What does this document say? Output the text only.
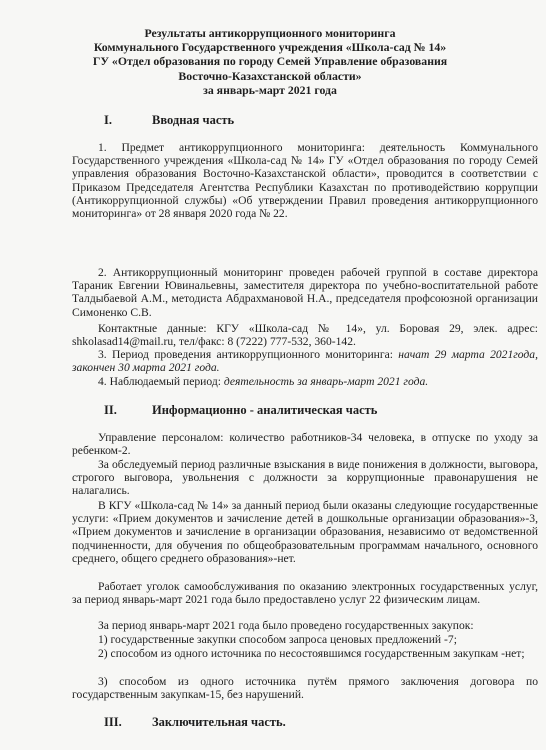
Результаты антикоррупционного мониторинга
Коммунального Государственного учреждения «Школа-сад № 14»
ГУ «Отдел образования по городу Семей Управление образования
Восточно-Казахстанской области»
за январь-март 2021 года
I.	Вводная часть
1. Предмет антикоррупционного мониторинга: деятельность Коммунального Государственного учреждения «Школа-сад № 14» ГУ «Отдел образования по городу Семей управления образования Восточно-Казахстанской области», проводится в соответствии с Приказом Председателя Агентства Республики Казахстан по противодействию коррупции (Антикоррупционной службы) «Об утверждении Правил проведения антикоррупционного мониторинга» от 28 января 2020 года № 22.
2. Антикоррупционный мониторинг проведен рабочей группой в составе директора Тараник Евгении Ювинальевны, заместителя директора по учебно-воспитательной работе Талдыбаевой А.М., методиста Абдрахмановой Н.А., председателя профсоюзной организации Симоненко С.В.
Контактные данные: КГУ «Школа-сад № 14», ул. Боровая 29, элек. адрес: shkolasad14@mail.ru, тел/факс: 8 (7222) 777-532, 360-142.
3. Период проведения антикоррупционного мониторинга: начат 29 марта 2021года, закончен 30 марта 2021 года.
4. Наблюдаемый период: деятельность за январь-март 2021 года.
II.	Информационно - аналитическая часть
Управление персоналом: количество работников-34 человека, в отпуске по уходу за ребенком-2.
За обследуемый период различные взыскания в виде понижения в должности, выговора, строгого выговора, увольнения с должности за коррупционные правонарушения не налагались.
В КГУ «Школа-сад № 14» за данный период были оказаны следующие государственные услуги: «Прием документов и зачисление детей в дошкольные организации образования»-3, «Прием документов и зачисление в организации образования, независимо от ведомственной подчиненности, для обучения по общеобразовательным программам начального, основного среднего, общего среднего образования»-нет.
Работает уголок самообслуживания по оказанию электронных государственных услуг, за период январь-март 2021 года было предоставлено услуг 22 физическим лицам.
За период январь-март 2021 года было проведено государственных закупок:
1) государственные закупки способом запроса ценовых предложений -7;
2) способом из одного источника по несостоявшимся государственным закупкам -нет;
3) способом из одного источника путём прямого заключения договора по государственным закупкам-15, без нарушений.
III. Заключительная часть.
